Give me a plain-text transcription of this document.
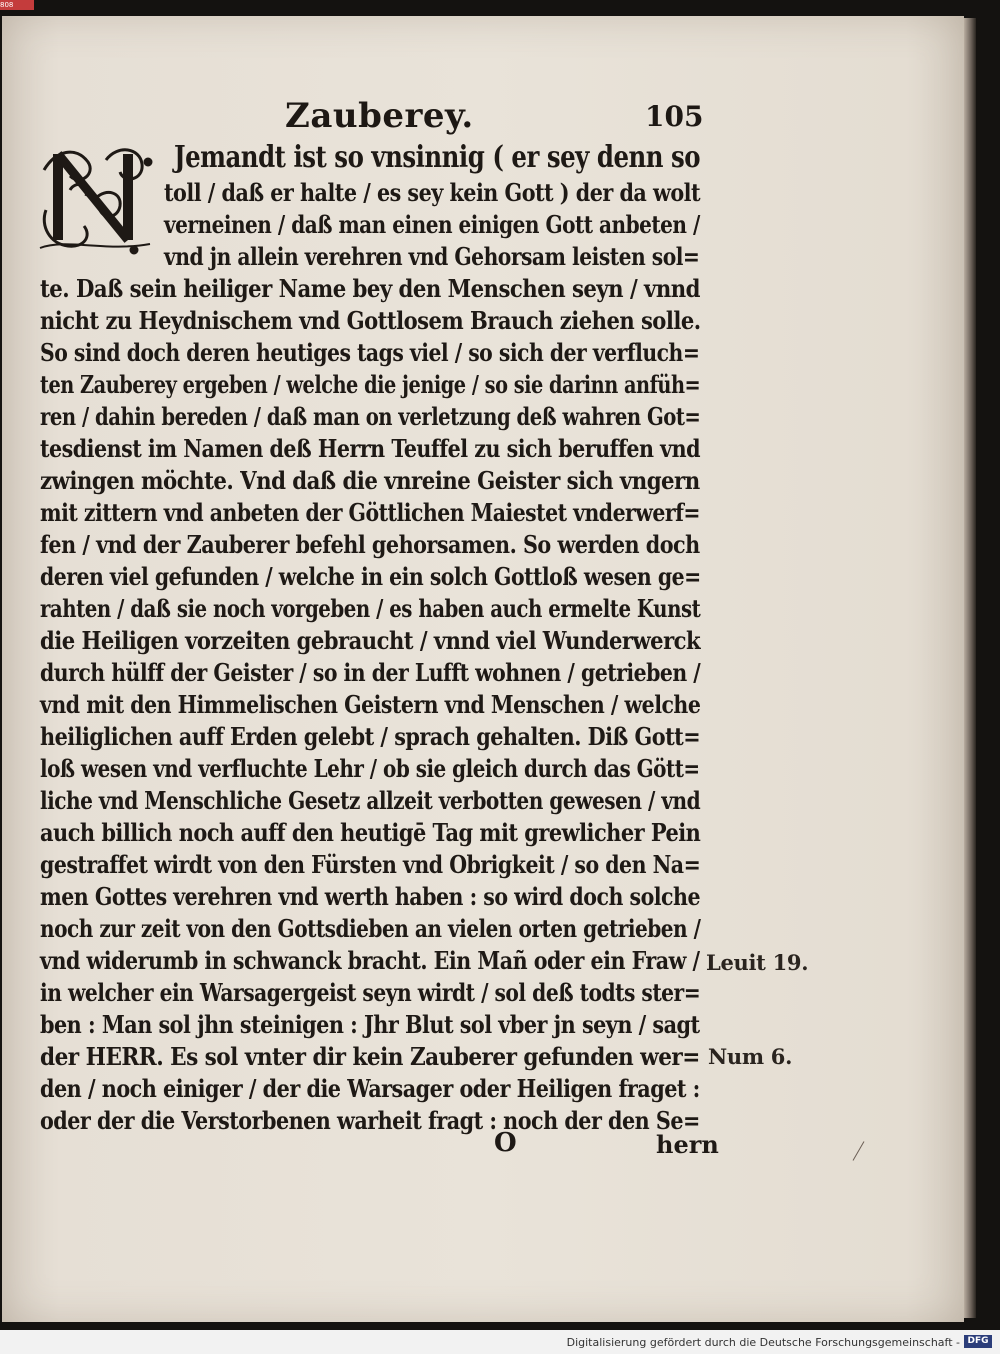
808
Zauberey.	105
Jemandt ist so vnsinnig ( er sey denn so
toll / daß er halte / es sey kein Gott ) der da wolt
verneinen / daß man einen einigen Gott anbeten /
vnd jn allein verehren vnd Gehorsam leisten sol=
te. Daß sein heiliger Name bey den Menschen seyn / vnnd
nicht zu Heydnischem vnd Gottlosem Brauch ziehen solle.
So sind doch deren heutiges tags viel / so sich der verfluch=
ten Zauberey ergeben / welche die jenige / so sie darinn anfüh=
ren / dahin bereden / daß man on verletzung deß wahren Got=
tesdienst im Namen deß Herrn Teuffel zu sich beruffen vnd
zwingen möchte. Vnd daß die vnreine Geister sich vngern
mit zittern vnd anbeten der Göttlichen Maiestet vnderwerf=
fen / vnd der Zauberer befehl gehorsamen. So werden doch
deren viel gefunden / welche in ein solch Gottloß wesen ge=
rahten / daß sie noch vorgeben / es haben auch ermelte Kunst
die Heiligen vorzeiten gebraucht / vnnd viel Wunderwerck
durch hülff der Geister / so in der Lufft wohnen / getrieben /
vnd mit den Himmelischen Geistern vnd Menschen / welche
heiliglichen auff Erden gelebt / sprach gehalten. Diß Gott=
loß wesen vnd verfluchte Lehr / ob sie gleich durch das Gött=
liche vnd Menschliche Gesetz allzeit verbotten gewesen / vnd
auch billich noch auff den heutigē Tag mit grewlicher Pein
gestraffet wirdt von den Fürsten vnd Obrigkeit / so den Na=
men Gottes verehren vnd werth haben : so wird doch solche
noch zur zeit von den Gottsdieben an vielen orten getrieben /
vnd widerumb in schwanck bracht. Ein Mañ oder ein Fraw /
in welcher ein Warsagergeist seyn wirdt / sol deß todts ster=
ben : Man sol jhn steinigen : Jhr Blut sol vber jn seyn / sagt
der HERR. Es sol vnter dir kein Zauberer gefunden wer=
den / noch einiger / der die Warsager oder Heiligen fraget :
oder der die Verstorbenen warheit fragt : noch der den Se=
Leuit 19.
Num 6.
O	hern
Digitalisierung gefördert durch die Deutsche Forschungsgemeinschaft - DFG
